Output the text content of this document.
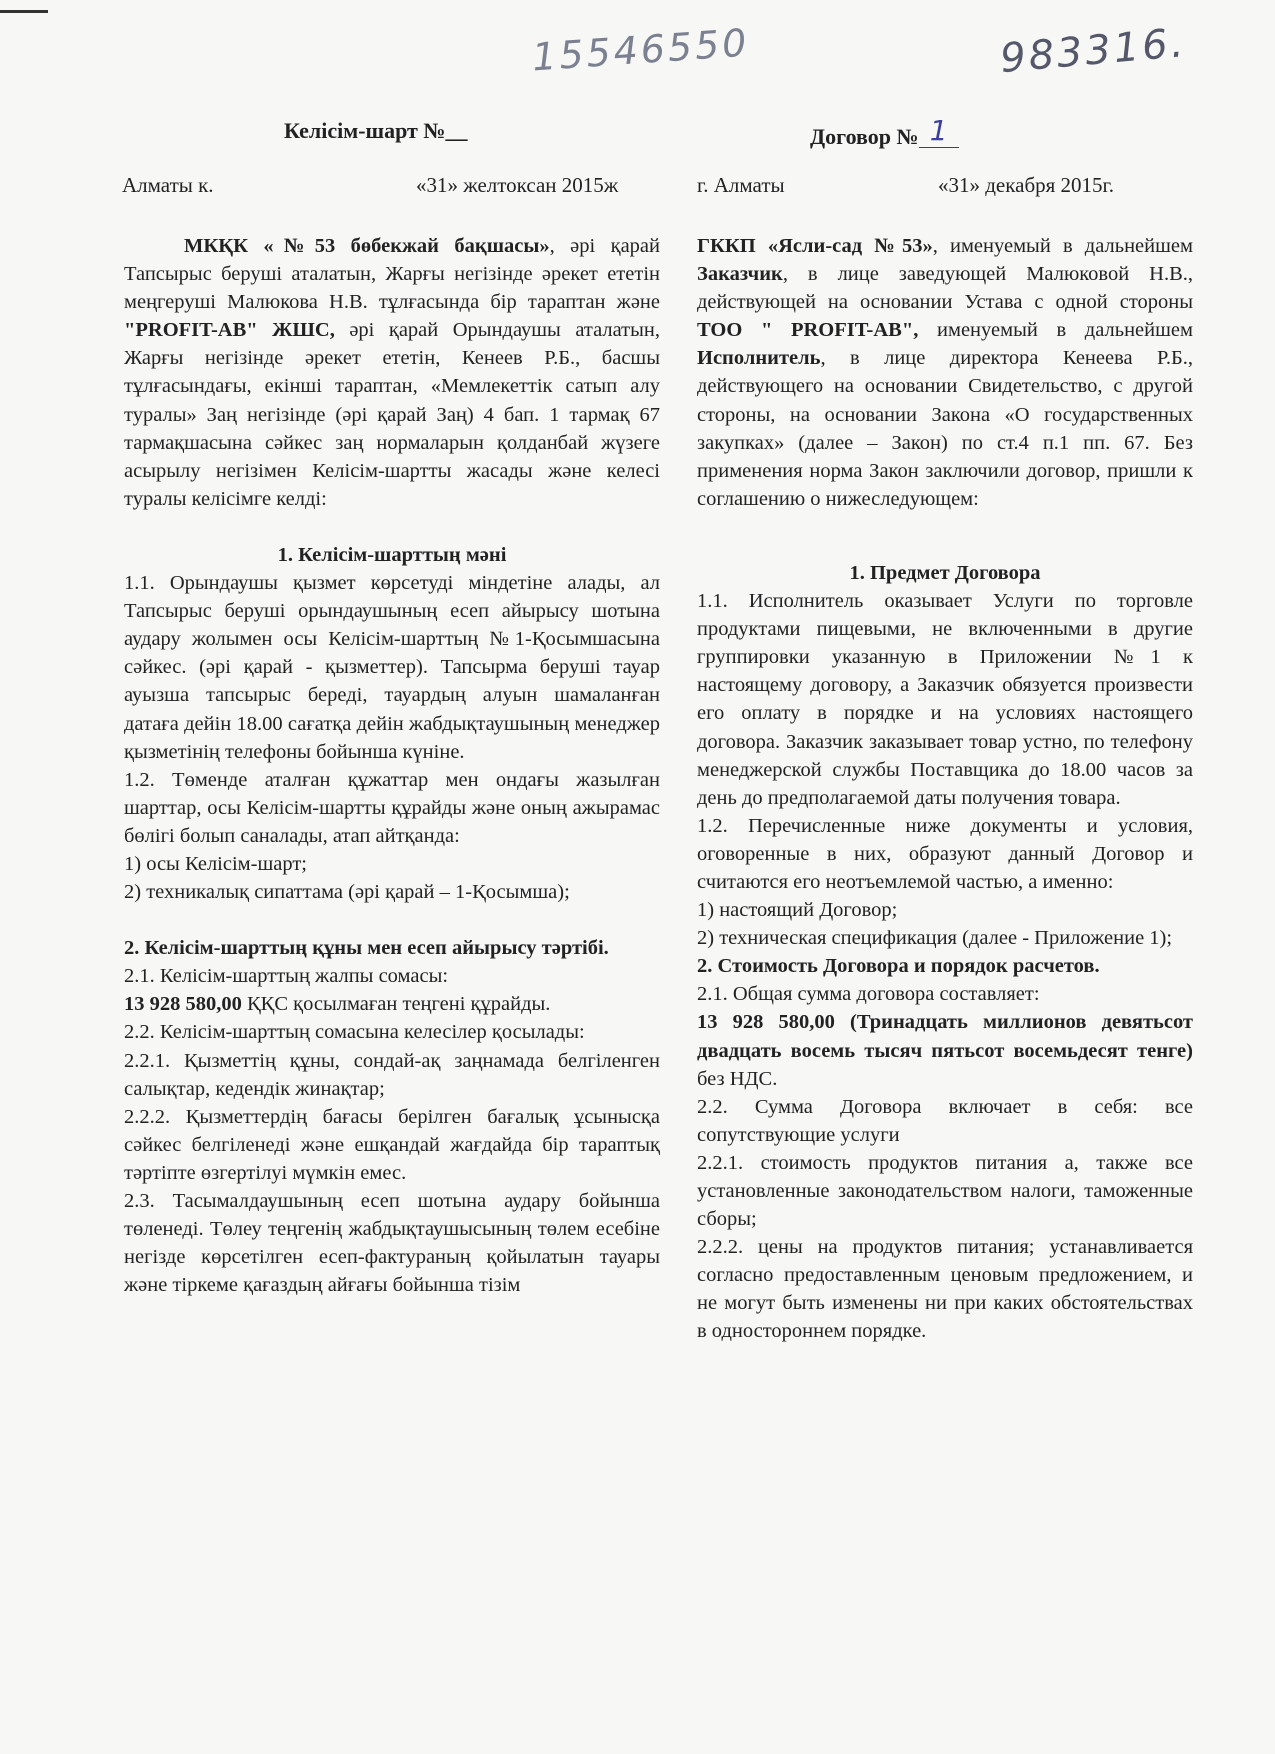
15546550	983316.
Келісім-шарт №__	Договор № 1
Алматы к.	«31» желтоксан 2015ж	г. Алматы	«31» декабря 2015г.

МКҚК «№53 бөбекжай бақшасы», әрі қарай Тапсырыс беруші аталатын, Жарғы негізінде әрекет ететін меңгеруші Малюкова Н.В. тұлғасында бір тараптан және "PROFIT-AB" ЖШС, әрі қарай Орындаушы аталатын, Жарғы негізінде әрекет ететін, Кенеев Р.Б., басшы тұлғасындағы, екінші тараптан, «Мемлекеттік сатып алу туралы» Заң негізінде (әрі қарай Заң) 4 бап. 1 тармақ 67 тармақшасына сәйкес заң нормаларын қолданбай жүзеге асырылу негізімен Келісім-шартты жасады және келесі туралы келісімге келді:

1. Келісім-шарттың мәні

1.1. Орындаушы қызмет көрсетуді міндетіне алады, ал Тапсырыс беруші орындаушының есеп айырысу шотына аудару жолымен осы Келісім-шарттың №1-Қосымшасына сәйкес. (әрі қарай - қызметтер). Тапсырма беруші тауар ауызша тапсырыс береді, тауардың алуын шамаланған датаға дейін 18.00 сағатқа дейін жабдықтаушының менеджер қызметінің телефоны бойынша күніне.

1.2. Төменде аталған құжаттар мен ондағы жазылған шарттар, осы Келісім-шартты құрайды және оның ажырамас бөлігі болып саналады, атап айтқанда:

1) осы Келісім-шарт;

2) техникалық сипаттама (әрі қарай – 1-Қосымша);

2. Келісім-шарттың құны мен есеп айырысу тәртібі.

2.1. Келісім-шарттың жалпы сомасы:

13 928 580,00 ҚҚС қосылмаған теңгені құрайды.

2.2. Келісім-шарттың сомасына келесілер қосылады:

2.2.1. Қызметтің құны, сондай-ақ заңнамада белгіленген салықтар, кедендік жинақтар;

2.2.2. Қызметтердің бағасы берілген бағалық ұсынысқа сәйкес белгіленеді және ешқандай жағдайда бір тараптық тәртіпте өзгертілуі мүмкін емес.

2.3. Тасымалдаушының есеп шотына аудару бойынша төленеді. Төлеу теңгенің жабдықтаушысының төлем есебіне негізде көрсетілген есеп-фактураның қойылатын тауары және тіркеме қағаздың айғағы бойынша тізім

ГККП «Ясли-сад №53», именуемый в дальнейшем Заказчик, в лице заведующей Малюковой Н.В., действующей на основании Устава с одной стороны ТОО " PROFIT-AB", именуемый в дальнейшем Исполнитель, в лице директора Кенеева Р.Б., действующего на основании Свидетельство, с другой стороны, на основании Закона «О государственных закупках» (далее – Закон) по ст.4 п.1 пп. 67. Без применения норма Закон заключили договор, пришли к соглашению о нижеследующем:

1. Предмет Договора

1.1. Исполнитель оказывает Услуги по торговле продуктами пищевыми, не включенными в другие группировки указанную в Приложении №1 к настоящему договору, а Заказчик обязуется произвести его оплату в порядке и на условиях настоящего договора. Заказчик заказывает товар устно, по телефону менеджерской службы Поставщика до 18.00 часов за день до предполагаемой даты получения товара.

1.2. Перечисленные ниже документы и условия, оговоренные в них, образуют данный Договор и считаются его неотъемлемой частью, а именно:

1) настоящий Договор;

2) техническая спецификация (далее - Приложение 1);

2. Стоимость Договора и порядок расчетов.

2.1. Общая сумма договора составляет:

13 928 580,00 (Тринадцать миллионов девятьсот двадцать восемь тысяч пятьсот восемьдесят тенге) без НДС.

2.2. Сумма Договора включает в себя: все сопутствующие услуги

2.2.1. стоимость продуктов питания а, также все установленные законодательством налоги, таможенные сборы;

2.2.2. цены на продуктов питания; устанавливается согласно предоставленным ценовым предложением, и не могут быть изменены ни при каких обстоятельствах в одностороннем порядке.
